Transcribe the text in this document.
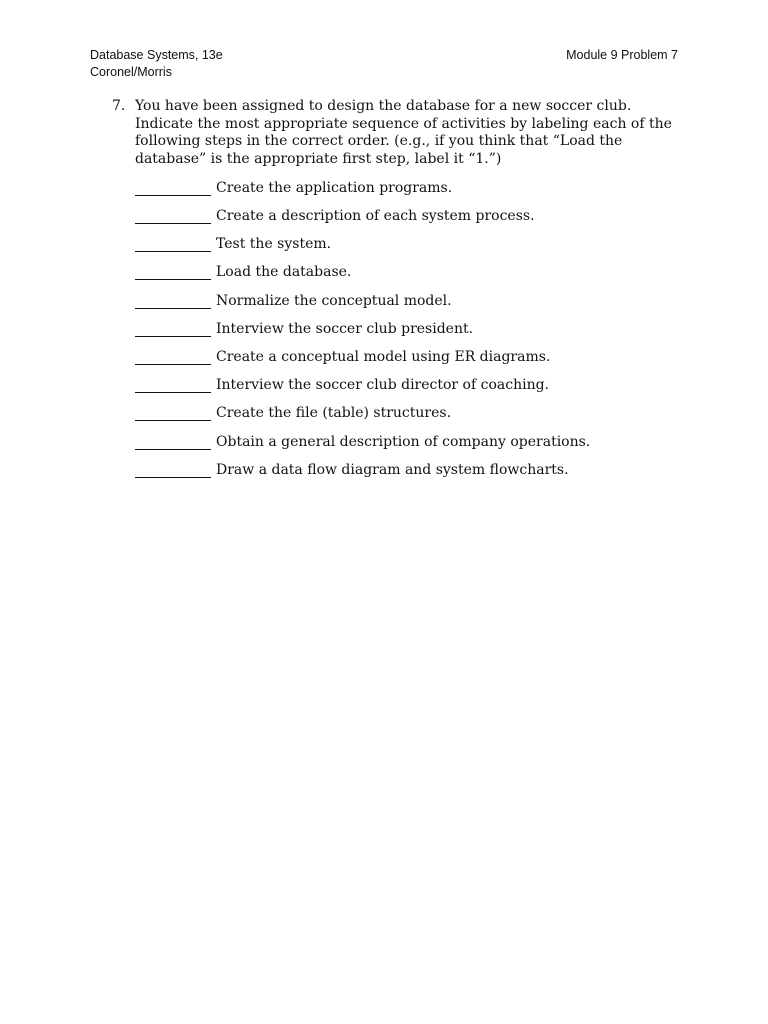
Database Systems, 13e	Module 9 Problem 7
Coronel/Morris
7. You have been assigned to design the database for a new soccer club. Indicate the most appropriate sequence of activities by labeling each of the following steps in the correct order. (e.g., if you think that “Load the database” is the appropriate first step, label it “1.”)
Create the application programs.
Create a description of each system process.
Test the system.
Load the database.
Normalize the conceptual model.
Interview the soccer club president.
Create a conceptual model using ER diagrams.
Interview the soccer club director of coaching.
Create the file (table) structures.
Obtain a general description of company operations.
Draw a data flow diagram and system flowcharts.
